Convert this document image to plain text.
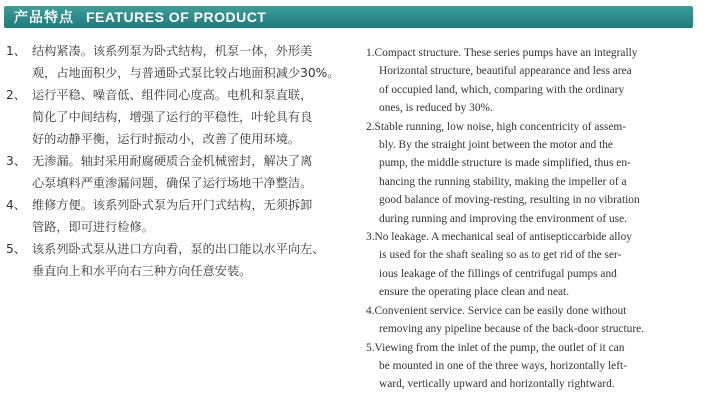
产品特点 FEATURES OF PRODUCT
1、 结构紧凑。该系列泵为卧式结构，机泵一体，外形美
观，占地面积少，与普通卧式泵比较占地面积减少30%。
2、 运行平稳、噪音低、组件同心度高。电机和泵直联，
简化了中间结构，增强了运行的平稳性，叶轮具有良
好的动静平衡，运行时振动小，改善了使用环境。
3、 无渗漏。轴封采用耐腐硬质合金机械密封，解决了离
心泵填料严重渗漏问题，确保了运行场地干净整洁。
4、 维修方便。该系列卧式泵为后开门式结构，无须拆卸
管路，即可进行检修。
5、 该系列卧式泵从进口方向看，泵的出口能以水平向左、
垂直向上和水平向右三种方向任意安装。
1.Compact structure. These series pumps have an integrally
Horizontal structure, beautiful appearance and less area
of occupied land, which, comparing with the ordinary
ones, is reduced by 30%.
2.Stable running, low noise, high concentricity of assem-
bly. By the straight joint between the motor and the
pump, the middle structure is made simplified, thus en-
hancing the running stability, making the impeller of a
good balance of moving-resting, resulting in no vibration
during running and improving the environment of use.
3.No leakage. A mechanical seal of antisepticcarbide alloy
is used for the shaft sealing so as to get rid of the ser-
ious leakage of the fillings of centrifugal pumps and
ensure the operating place clean and neat.
4.Convenient service. Service can be easily done without
removing any pipeline because of the back-door structure.
5.Viewing from the inlet of the pump, the outlet of it can
be mounted in one of the three ways, horizontally left-
ward, vertically upward and horizontally rightward.
